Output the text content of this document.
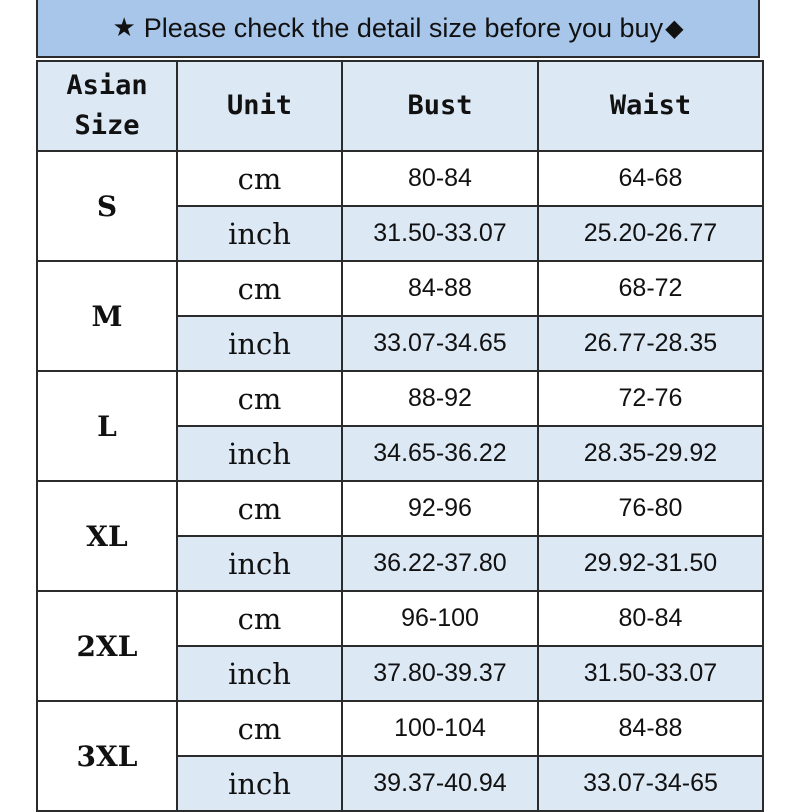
★ Please check the detail size before you buy ◆
Asian
Size	Unit	Bust	Waist
S	cm	80-84	64-68
	inch	31.50-33.07	25.20-26.77
M	cm	84-88	68-72
	inch	33.07-34.65	26.77-28.35
L	cm	88-92	72-76
	inch	34.65-36.22	28.35-29.92
XL	cm	92-96	76-80
	inch	36.22-37.80	29.92-31.50
2XL	cm	96-100	80-84
	inch	37.80-39.37	31.50-33.07
3XL	cm	100-104	84-88
	inch	39.37-40.94	33.07-34-65
